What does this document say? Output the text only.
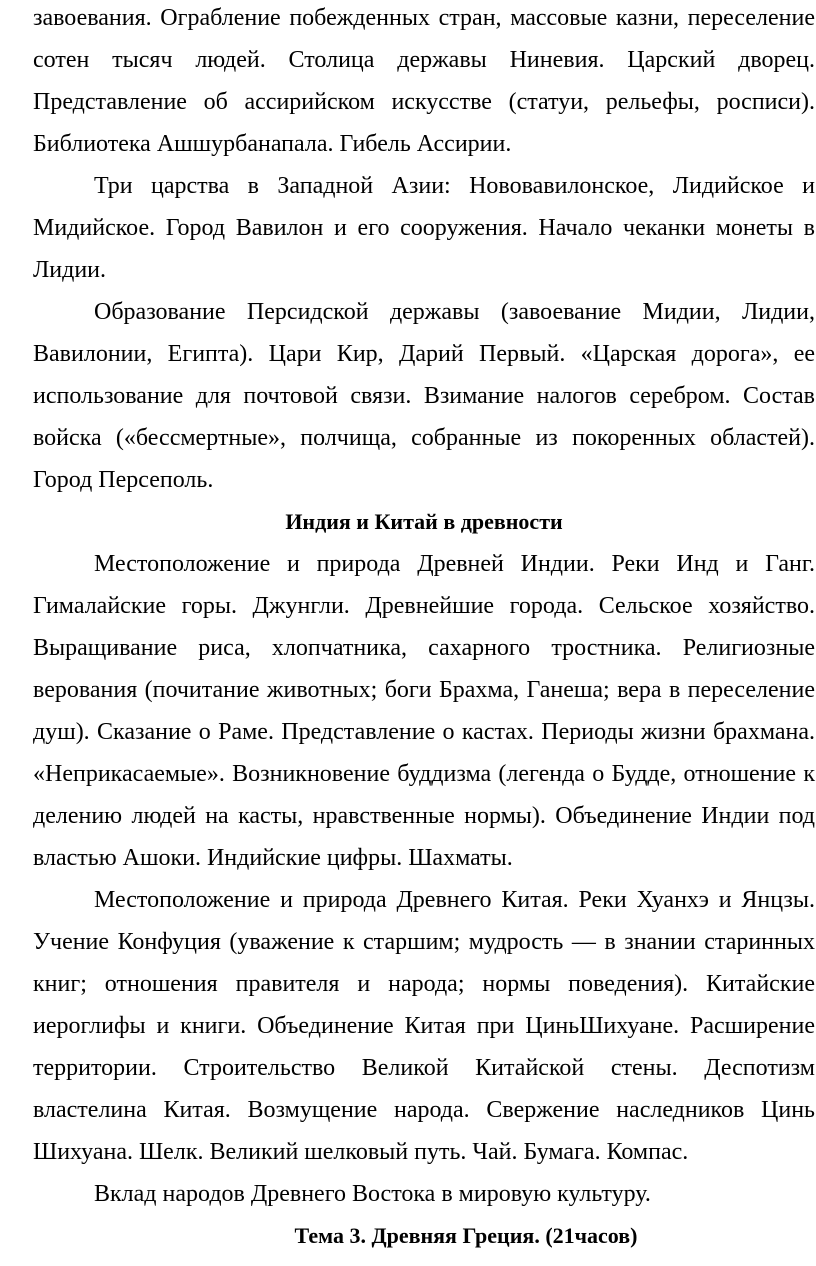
завоевания. Ограбление побежденных стран, массовые казни, переселение сотен тысяч людей. Столица державы Ниневия. Царский дворец. Представление об ассирийском искусстве (статуи, рельефы, росписи). Библиотека Ашшурбанапала. Гибель Ассирии.

Три царства в Западной Азии: Нововавилонское, Лидийское и Мидийское. Город Вавилон и его сооружения. Начало чеканки монеты в Лидии.

Образование Персидской державы (завоевание Мидии, Лидии, Вавилонии, Египта). Цари Кир, Дарий Первый. «Царская дорога», ее использование для почтовой связи. Взимание налогов серебром. Состав войска («бессмертные», полчища, собранные из покоренных областей). Город Персеполь.

Индия и Китай в древности

Местоположение и природа Древней Индии. Реки Инд и Ганг. Гималайские горы. Джунгли. Древнейшие города. Сельское хозяйство. Выращивание риса, хлопчатника, сахарного тростника. Религиозные верования (почитание животных; боги Брахма, Ганеша; вера в переселение душ). Сказание о Раме. Представление о кастах. Периоды жизни брахмана. «Неприкасаемые». Возникновение буддизма (легенда о Будде, отношение к делению людей на касты, нравственные нормы). Объединение Индии под властью Ашоки. Индийские цифры. Шахматы.

Местоположение и природа Древнего Китая. Реки Хуанхэ и Янцзы. Учение Конфуция (уважение к старшим; мудрость — в знании старинных книг; отношения правителя и народа; нормы поведения). Китайские иероглифы и книги. Объединение Китая при ЦиньШихуане. Расширение территории. Строительство Великой Китайской стены. Деспотизм властелина Китая. Возмущение народа. Свержение наследников Цинь Шихуана. Шелк. Великий шелковый путь. Чай. Бумага. Компас.

Вклад народов Древнего Востока в мировую культуру.

Тема 3. Древняя Греция. (21часов)
